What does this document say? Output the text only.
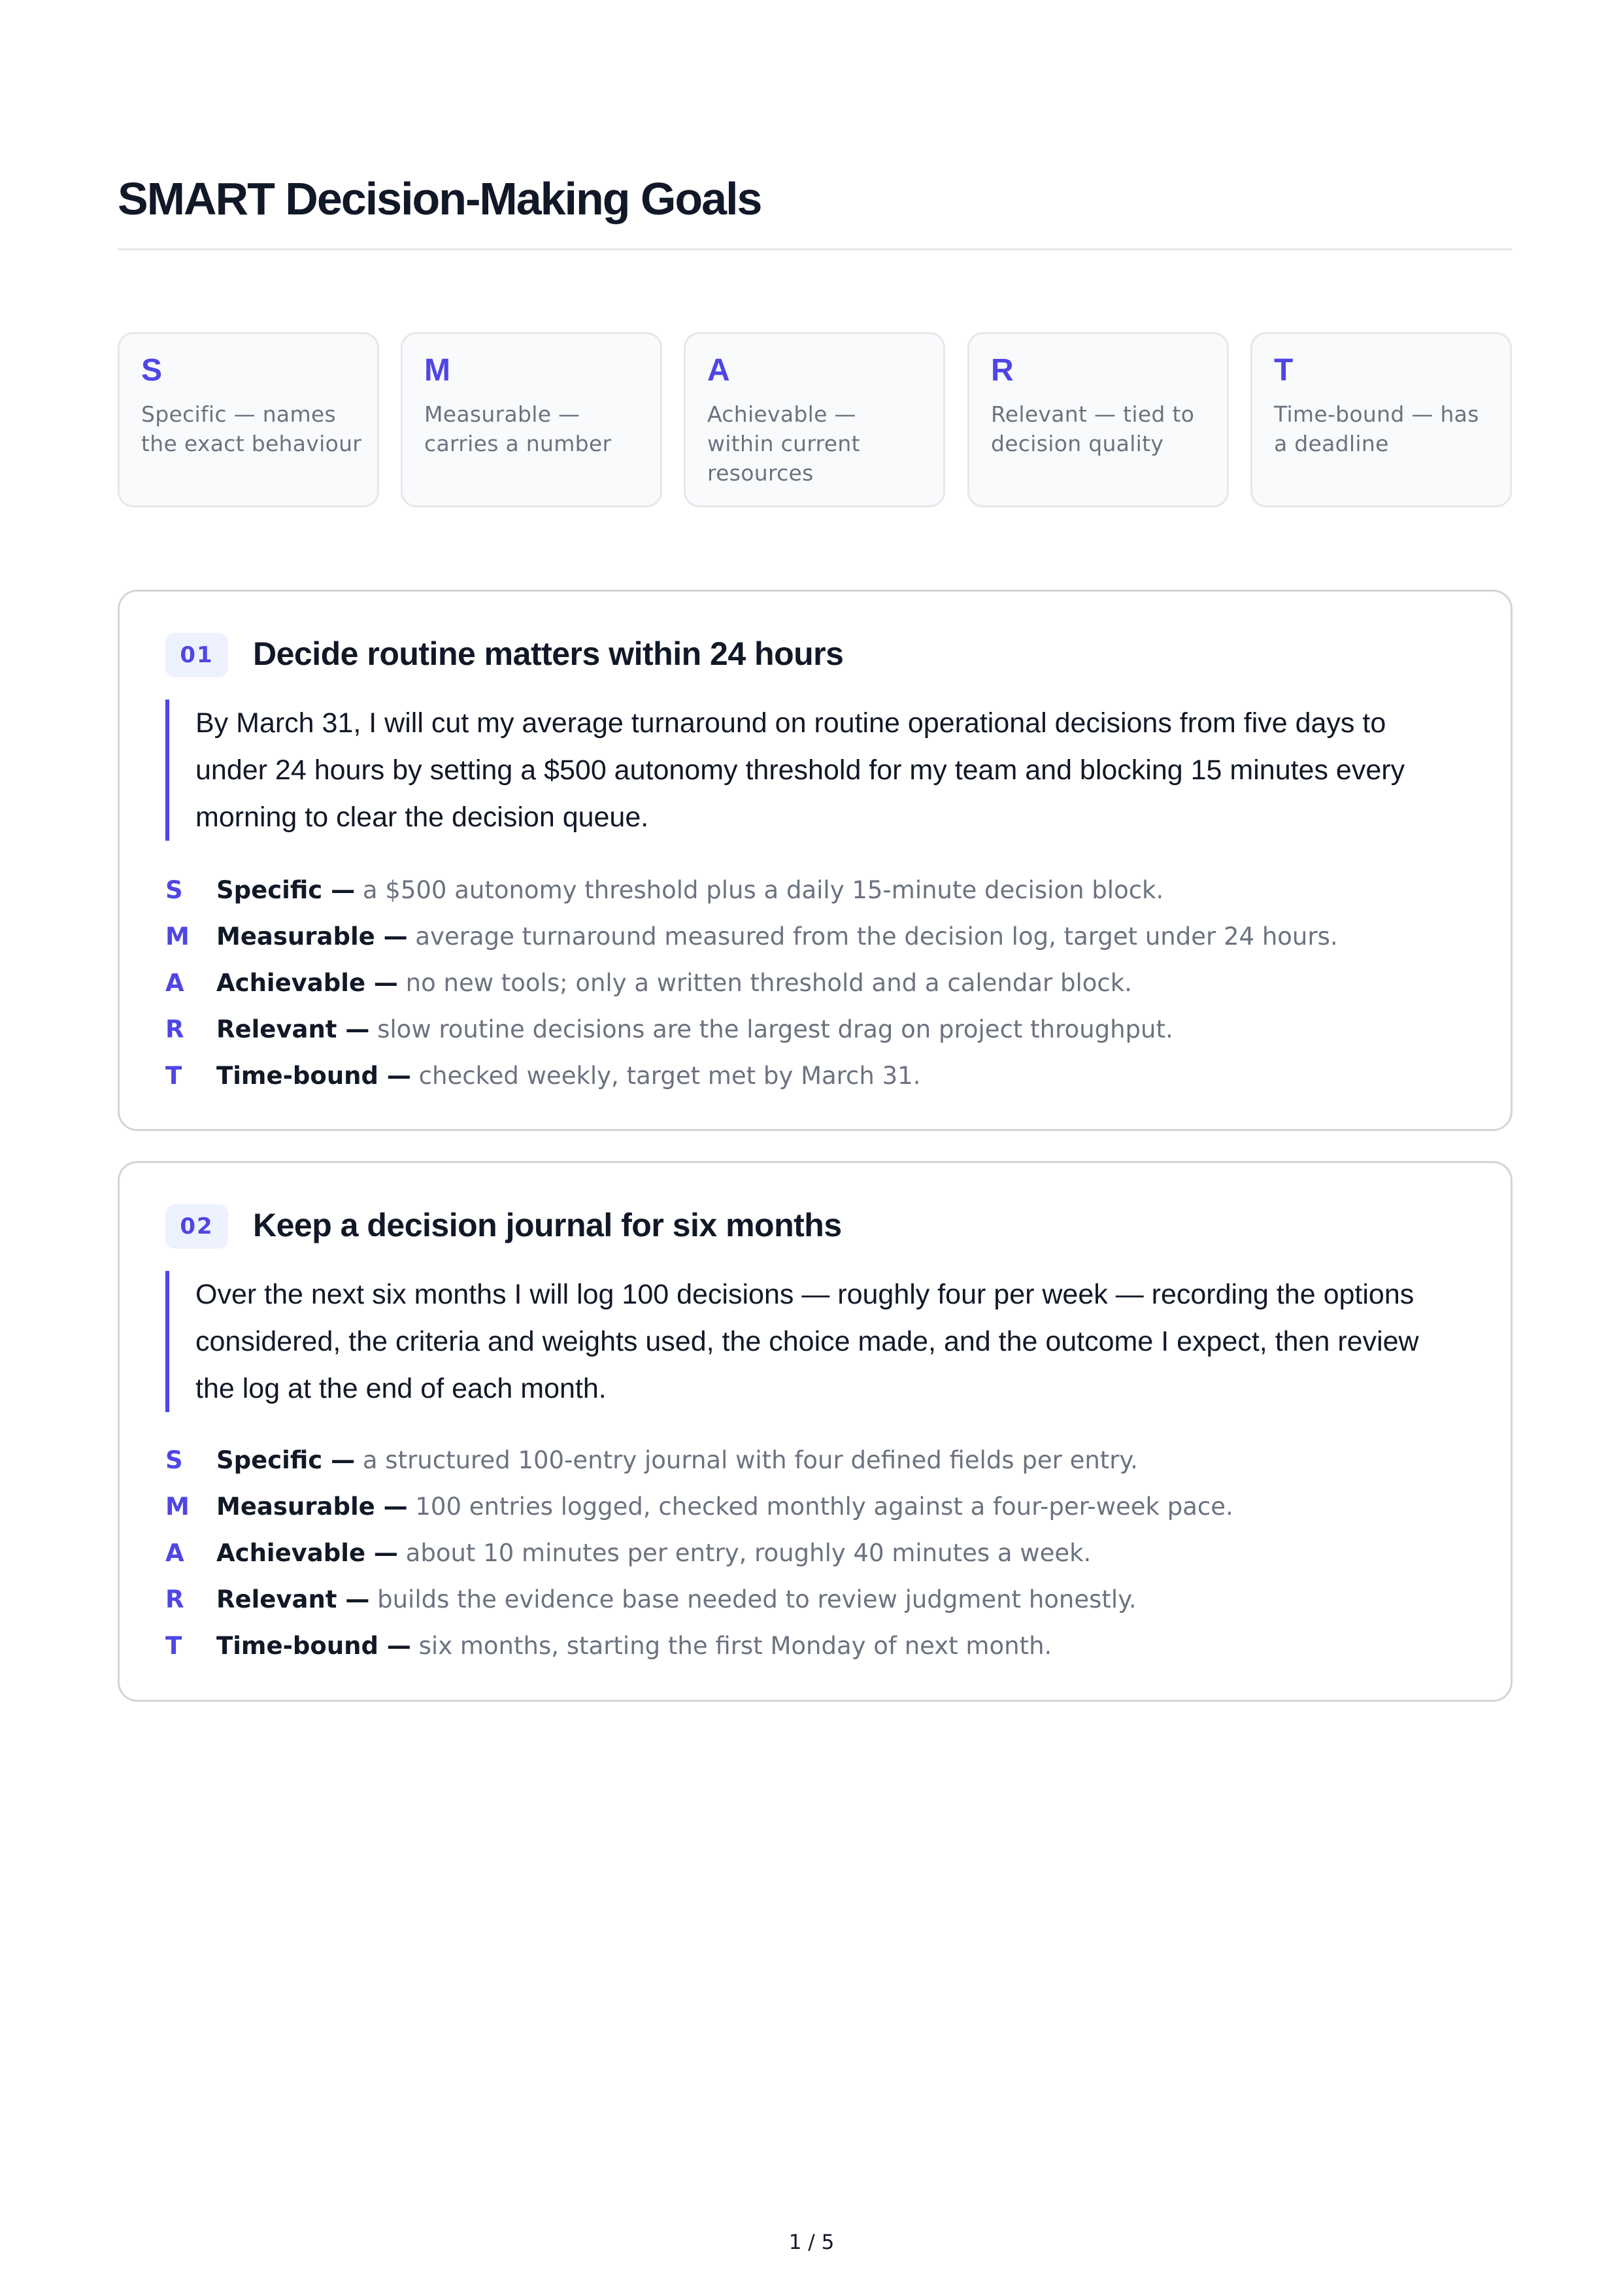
SMART Decision-Making Goals
S
Specific — names the exact behaviour
M
Measurable — carries a number
A
Achievable — within current resources
R
Relevant — tied to decision quality
T
Time-bound — has a deadline
01	Decide routine matters within 24 hours

By March 31, I will cut my average turnaround on routine operational decisions from five days to under 24 hours by setting a $500 autonomy threshold for my team and blocking 15 minutes every morning to clear the decision queue.

S Specific — a $500 autonomy threshold plus a daily 15-minute decision block.
M Measurable — average turnaround measured from the decision log, target under 24 hours.
A Achievable — no new tools; only a written threshold and a calendar block.
R Relevant — slow routine decisions are the largest drag on project throughput.
T Time-bound — checked weekly, target met by March 31.
02	Keep a decision journal for six months

Over the next six months I will log 100 decisions — roughly four per week — recording the options considered, the criteria and weights used, the choice made, and the outcome I expect, then review the log at the end of each month.

S Specific — a structured 100-entry journal with four defined fields per entry.
M Measurable — 100 entries logged, checked monthly against a four-per-week pace.
A Achievable — about 10 minutes per entry, roughly 40 minutes a week.
R Relevant — builds the evidence base needed to review judgment honestly.
T Time-bound — six months, starting the first Monday of next month.
1 / 5
